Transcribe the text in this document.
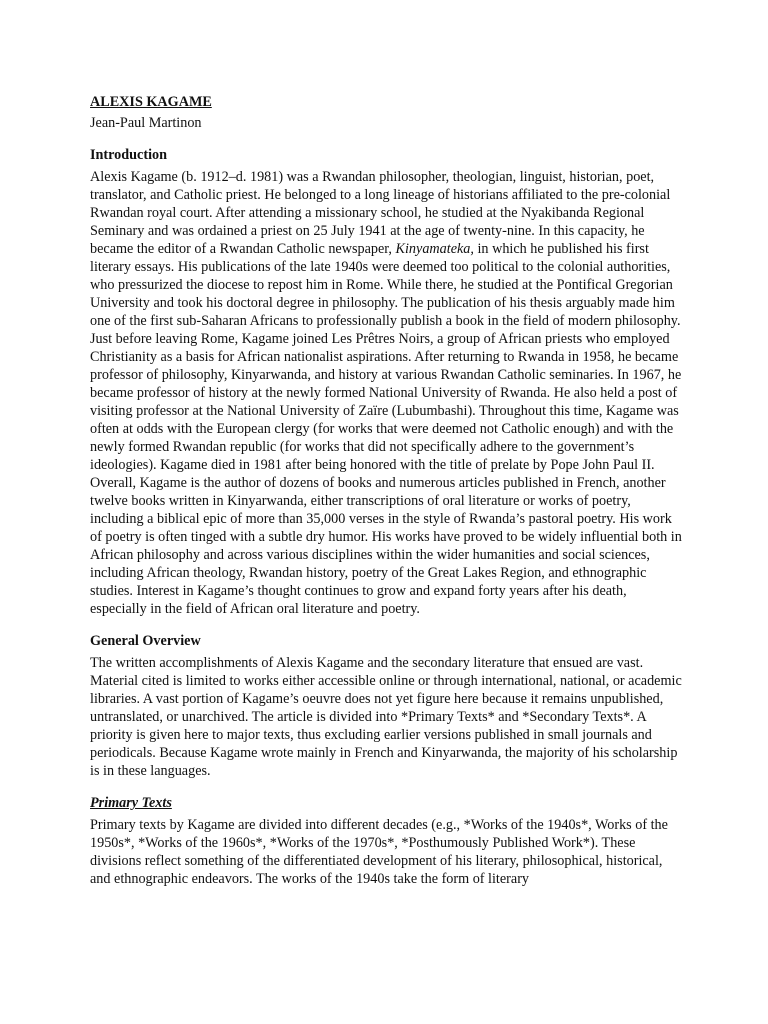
ALEXIS KAGAME

Jean-Paul Martinon

Introduction

Alexis Kagame (b. 1912–d. 1981) was a Rwandan philosopher, theologian, linguist, historian, poet, translator, and Catholic priest. He belonged to a long lineage of historians affiliated to the pre-colonial Rwandan royal court. After attending a missionary school, he studied at the Nyakibanda Regional Seminary and was ordained a priest on 25 July 1941 at the age of twenty-nine. In this capacity, he became the editor of a Rwandan Catholic newspaper, Kinyamateka, in which he published his first literary essays. His publications of the late 1940s were deemed too political to the colonial authorities, who pressurized the diocese to repost him in Rome. While there, he studied at the Pontifical Gregorian University and took his doctoral degree in philosophy. The publication of his thesis arguably made him one of the first sub-Saharan Africans to professionally publish a book in the field of modern philosophy. Just before leaving Rome, Kagame joined Les Prêtres Noirs, a group of African priests who employed Christianity as a basis for African nationalist aspirations. After returning to Rwanda in 1958, he became professor of philosophy, Kinyarwanda, and history at various Rwandan Catholic seminaries. In 1967, he became professor of history at the newly formed National University of Rwanda. He also held a post of visiting professor at the National University of Zaïre (Lubumbashi). Throughout this time, Kagame was often at odds with the European clergy (for works that were deemed not Catholic enough) and with the newly formed Rwandan republic (for works that did not specifically adhere to the government’s ideologies). Kagame died in 1981 after being honored with the title of prelate by Pope John Paul II. Overall, Kagame is the author of dozens of books and numerous articles published in French, another twelve books written in Kinyarwanda, either transcriptions of oral literature or works of poetry, including a biblical epic of more than 35,000 verses in the style of Rwanda’s pastoral poetry. His work of poetry is often tinged with a subtle dry humor. His works have proved to be widely influential both in African philosophy and across various disciplines within the wider humanities and social sciences, including African theology, Rwandan history, poetry of the Great Lakes Region, and ethnographic studies. Interest in Kagame’s thought continues to grow and expand forty years after his death, especially in the field of African oral literature and poetry.

General Overview

The written accomplishments of Alexis Kagame and the secondary literature that ensued are vast. Material cited is limited to works either accessible online or through international, national, or academic libraries. A vast portion of Kagame’s oeuvre does not yet figure here because it remains unpublished, untranslated, or unarchived. The article is divided into *Primary Texts* and *Secondary Texts*. A priority is given here to major texts, thus excluding earlier versions published in small journals and periodicals. Because Kagame wrote mainly in French and Kinyarwanda, the majority of his scholarship is in these languages.

Primary Texts

Primary texts by Kagame are divided into different decades (e.g., *Works of the 1940s*, Works of the 1950s*, *Works of the 1960s*, *Works of the 1970s*, *Posthumously Published Work*). These divisions reflect something of the differentiated development of his literary, philosophical, historical, and ethnographic endeavors. The works of the 1940s take the form of literary
